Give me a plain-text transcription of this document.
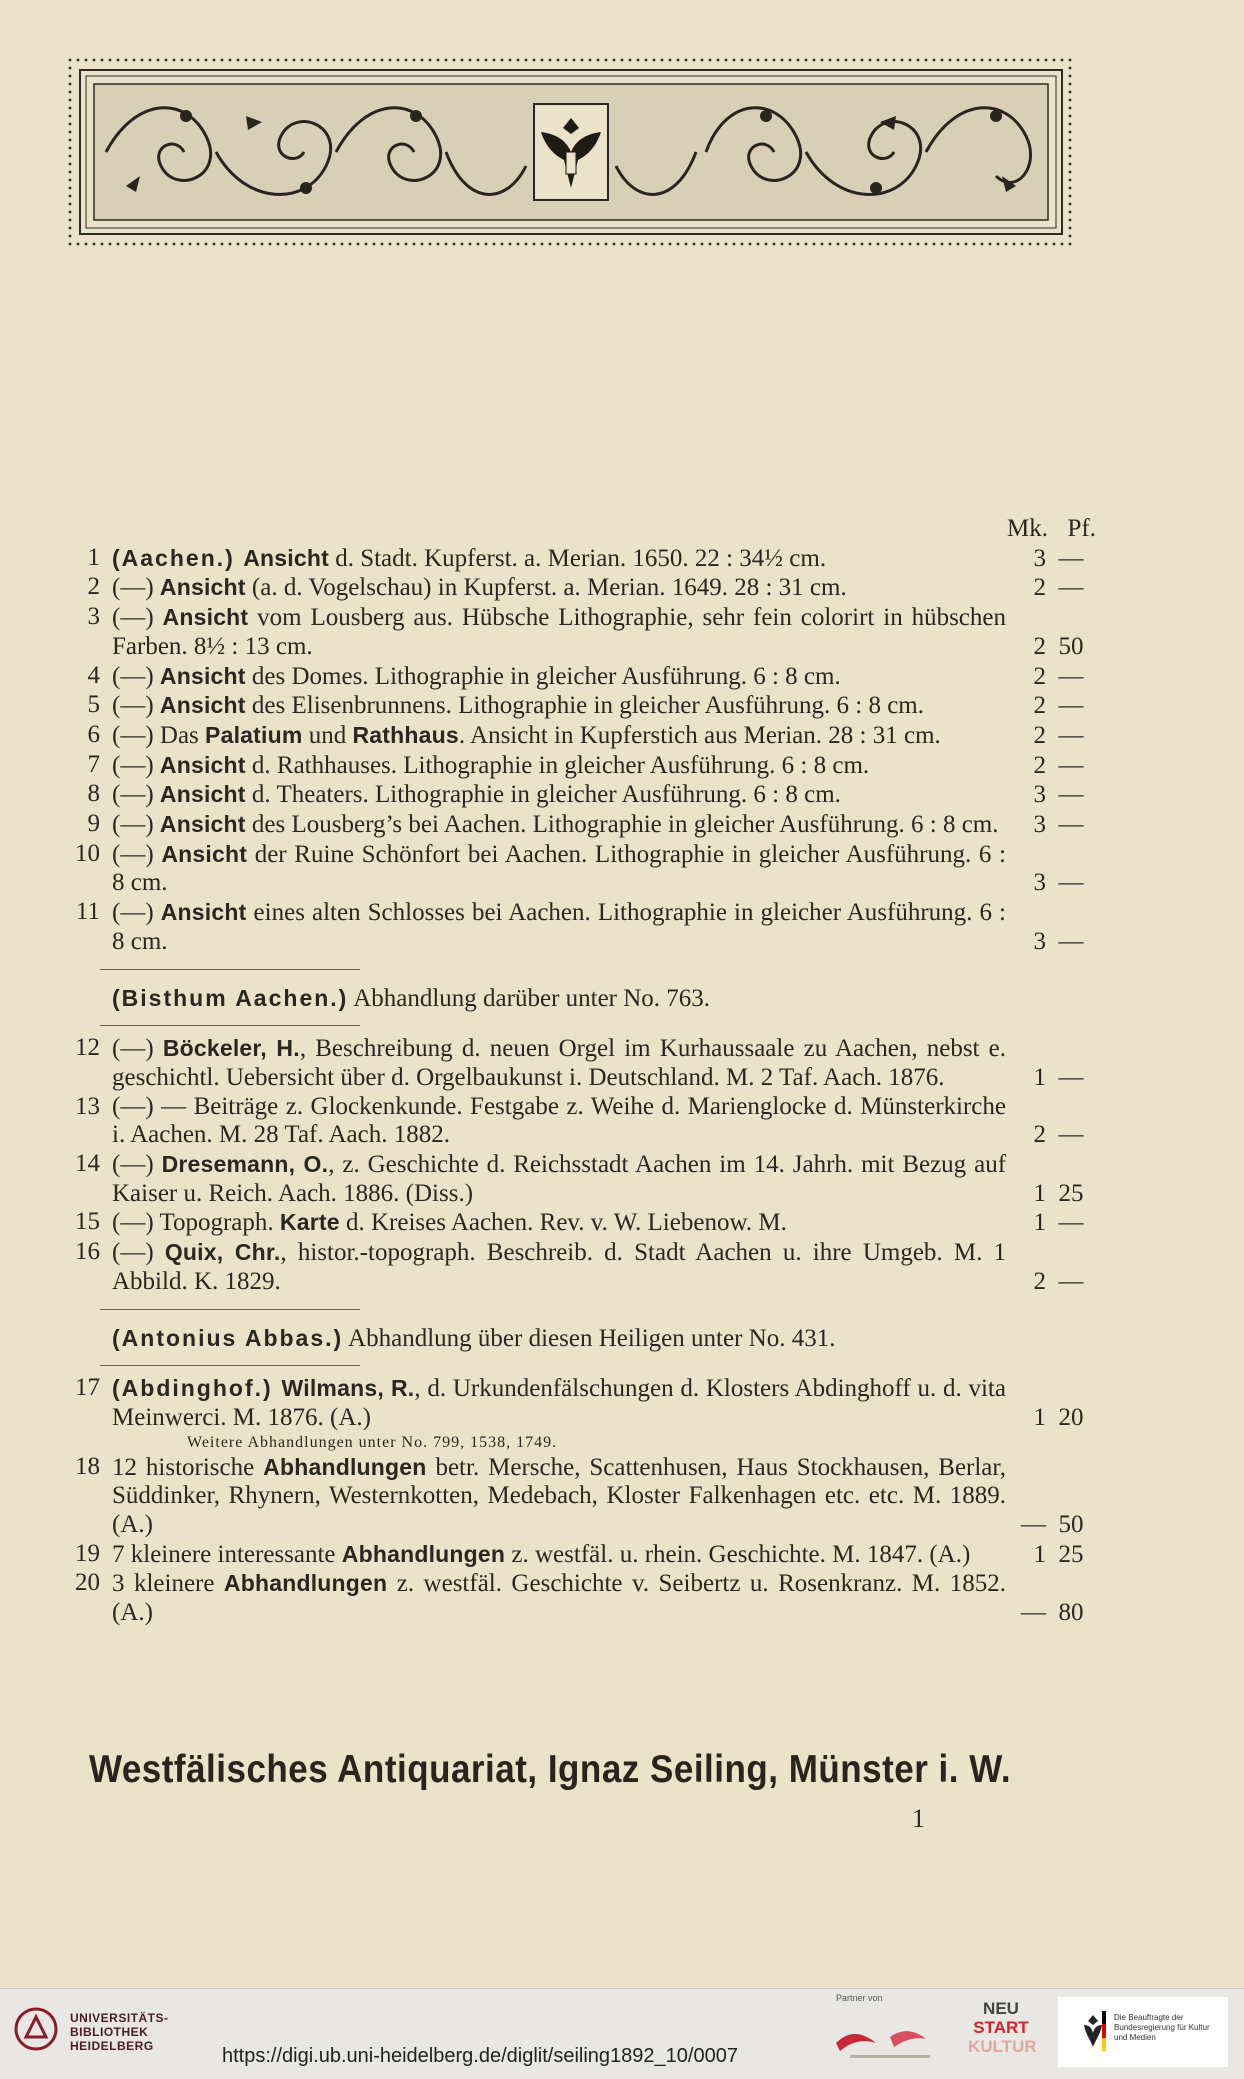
Mk. Pf.
1 (Aachen.) Ansicht d. Stadt. Kupferst. a. Merian. 1650. 22 : 34½ cm.	3 —
2 (—) Ansicht (a. d. Vogelschau) in Kupferst. a. Merian. 1649. 28 : 31 cm.	2 —
3 (—) Ansicht vom Lousberg aus. Hübsche Lithographie, sehr fein colorirt in hübschen Farben. 8½ : 13 cm.	2 50
4 (—) Ansicht des Domes. Lithographie in gleicher Ausführung. 6 : 8 cm.	2 —
5 (—) Ansicht des Elisenbrunnens. Lithographie in gleicher Ausführung. 6 : 8 cm.	2 —
6 (—) Das Palatium und Rathhaus. Ansicht in Kupferstich aus Merian. 28 : 31 cm.	2 —
7 (—) Ansicht d. Rathhauses. Lithographie in gleicher Ausführung. 6 : 8 cm.	2 —
8 (—) Ansicht d. Theaters. Lithographie in gleicher Ausführung. 6 : 8 cm.	3 —
9 (—) Ansicht des Lousberg’s bei Aachen. Lithographie in gleicher Ausführung. 6 : 8 cm.	3 —
10 (—) Ansicht der Ruine Schönfort bei Aachen. Lithographie in gleicher Ausführung. 6 : 8 cm.	3 —
11 (—) Ansicht eines alten Schlosses bei Aachen. Lithographie in gleicher Ausführung. 6 : 8 cm.	3 —
(Bisthum Aachen.) Abhandlung darüber unter No. 763.
12 (—) Böckeler, H., Beschreibung d. neuen Orgel im Kurhaussaale zu Aachen, nebst e. geschichtl. Uebersicht über d. Orgelbaukunst i. Deutschland. M. 2 Taf. Aach. 1876.	1 —
13 (—) — Beiträge z. Glockenkunde. Festgabe z. Weihe d. Marienglocke d. Münsterkirche i. Aachen. M. 28 Taf. Aach. 1882.	2 —
14 (—) Dresemann, O., z. Geschichte d. Reichsstadt Aachen im 14. Jahrh. mit Bezug auf Kaiser u. Reich. Aach. 1886. (Diss.)	1 25
15 (—) Topograph. Karte d. Kreises Aachen. Rev. v. W. Liebenow. M.	1 —
16 (—) Quix, Chr., histor.-topograph. Beschreib. d. Stadt Aachen u. ihre Umgeb. M. 1 Abbild. K. 1829.	2 —
(Antonius Abbas.) Abhandlung über diesen Heiligen unter No. 431.
17 (Abdinghof.) Wilmans, R., d. Urkundenfälschungen d. Klosters Abdinghoff u. d. vita Meinwerci. M. 1876. (A.)	1 20
Weitere Abhandlungen unter No. 799, 1538, 1749.
18 12 historische Abhandlungen betr. Mersche, Scattenhusen, Haus Stockhausen, Berlar, Süddinker, Rhynern, Westernkotten, Medebach, Kloster Falkenhagen etc. etc. M. 1889. (A.)	— 50
19 7 kleinere interessante Abhandlungen z. westfäl. u. rhein. Geschichte. M. 1847. (A.)	1 25
20 3 kleinere Abhandlungen z. westfäl. Geschichte v. Seibertz u. Rosenkranz. M. 1852. (A.)	— 80
Westfälisches Antiquariat, Ignaz Seiling, Münster i. W.
1
UNIVERSITÄTS-
BIBLIOTHEK
HEIDELBERG	https://digi.ub.uni-heidelberg.de/diglit/seiling1892_10/0007
Partner von
NEU
START
KULTUR
Die Beauftragte der Bundesregierung für Kultur und Medien
